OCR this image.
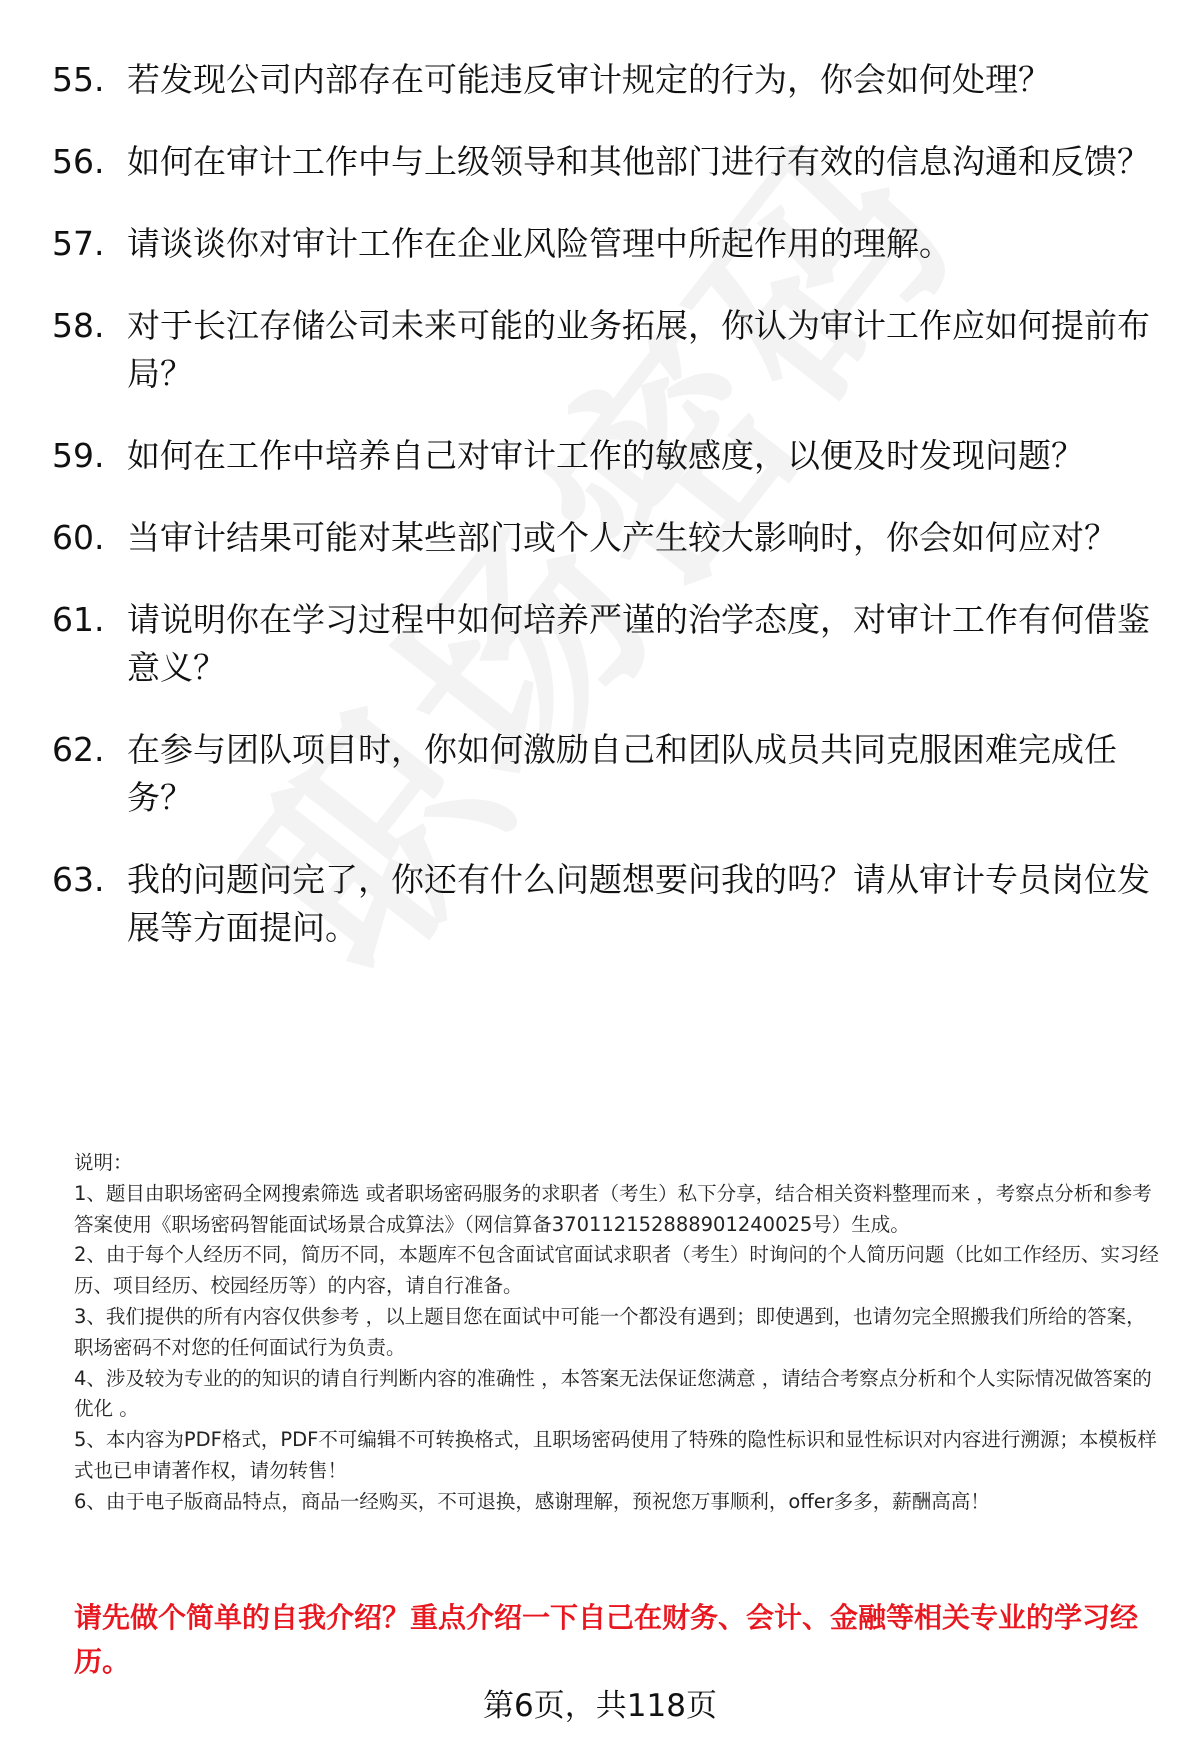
55. 若发现公司内部存在可能违反审计规定的行为，你会如何处理？
56. 如何在审计工作中与上级领导和其他部门进行有效的信息沟通和反馈？
57. 请谈谈你对审计工作在企业风险管理中所起作用的理解。
58. 对于长江存储公司未来可能的业务拓展，你认为审计工作应如何提前布局？
59. 如何在工作中培养自己对审计工作的敏感度，以便及时发现问题？
60. 当审计结果可能对某些部门或个人产生较大影响时，你会如何应对？
61. 请说明你在学习过程中如何培养严谨的治学态度，对审计工作有何借鉴意义？
62. 在参与团队项目时，你如何激励自己和团队成员共同克服困难完成任务？
63. 我的问题问完了，你还有什么问题想要问我的吗？请从审计专员岗位发展等方面提问。

说明：

1、题目由职场密码全网搜索筛选 或者职场密码服务的求职者（考生）私下分享，结合相关资料整理而来 ，考察点分析和参考答案使用《职场密码智能面试场景合成算法》（网信算备370112152888901240025号）生成。

2、由于每个人经历不同，简历不同，本题库不包含面试官面试求职者（考生）时询问的个人简历问题（比如工作经历、实习经历、项目经历、校园经历等）的内容，请自行准备。

3、我们提供的所有内容仅供参考 ，以上题目您在面试中可能一个都没有遇到；即使遇到，也请勿完全照搬我们所给的答案，职场密码不对您的任何面试行为负责。

4、涉及较为专业的的知识的请自行判断内容的准确性 ，本答案无法保证您满意 ，请结合考察点分析和个人实际情况做答案的优化 。

5、本内容为PDF格式，PDF不可编辑不可转换格式，且职场密码使用了特殊的隐性标识和显性标识对内容进行溯源；本模板样式也已申请著作权，请勿转售！

6、由于电子版商品特点，商品一经购买，不可退换，感谢理解，预祝您万事顺利，offer多多，薪酬高高！

请先做个简单的自我介绍？重点介绍一下自己在财务、会计、金融等相关专业的学习经历。
第6页，共118页
